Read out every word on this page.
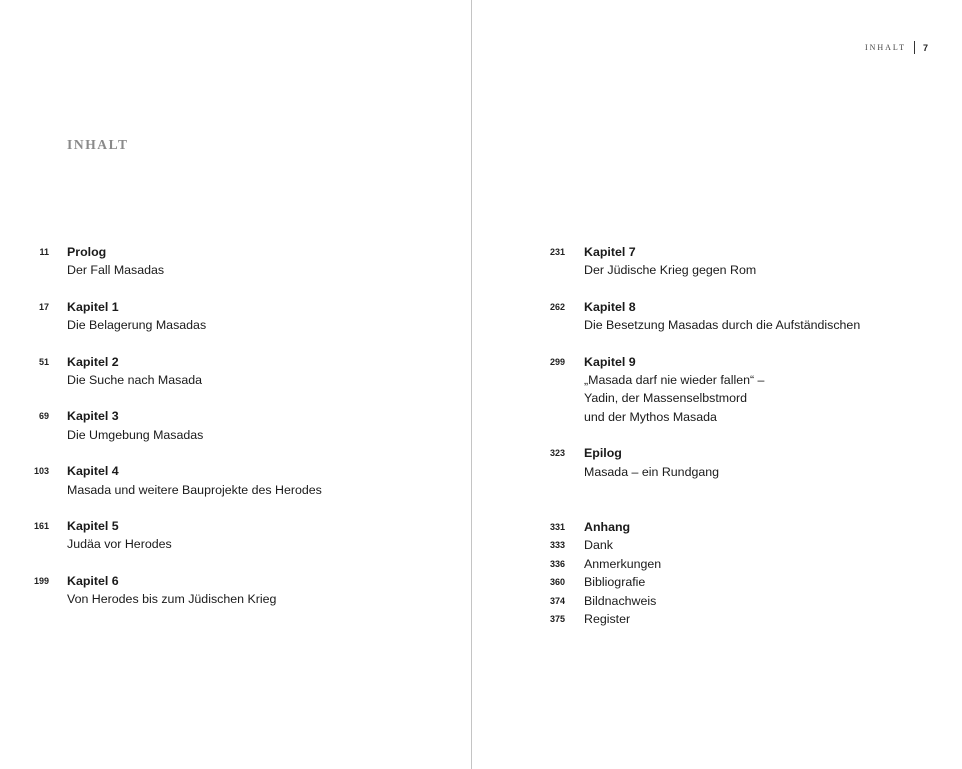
INHALT
11 Prolog
Der Fall Masadas
17 Kapitel 1
Die Belagerung Masadas
51 Kapitel 2
Die Suche nach Masada
69 Kapitel 3
Die Umgebung Masadas
103 Kapitel 4
Masada und weitere Bauprojekte des Herodes
161 Kapitel 5
Judäa vor Herodes
199 Kapitel 6
Von Herodes bis zum Jüdischen Krieg
INHALT 7
231 Kapitel 7
Der Jüdische Krieg gegen Rom
262 Kapitel 8
Die Besetzung Masadas durch die Aufständischen
299 Kapitel 9
„Masada darf nie wieder fallen“ –
Yadin, der Massenselbstmord
und der Mythos Masada
323 Epilog
Masada – ein Rundgang
331 Anhang
333 Dank
336 Anmerkungen
360 Bibliografie
374 Bildnachweis
375 Register
